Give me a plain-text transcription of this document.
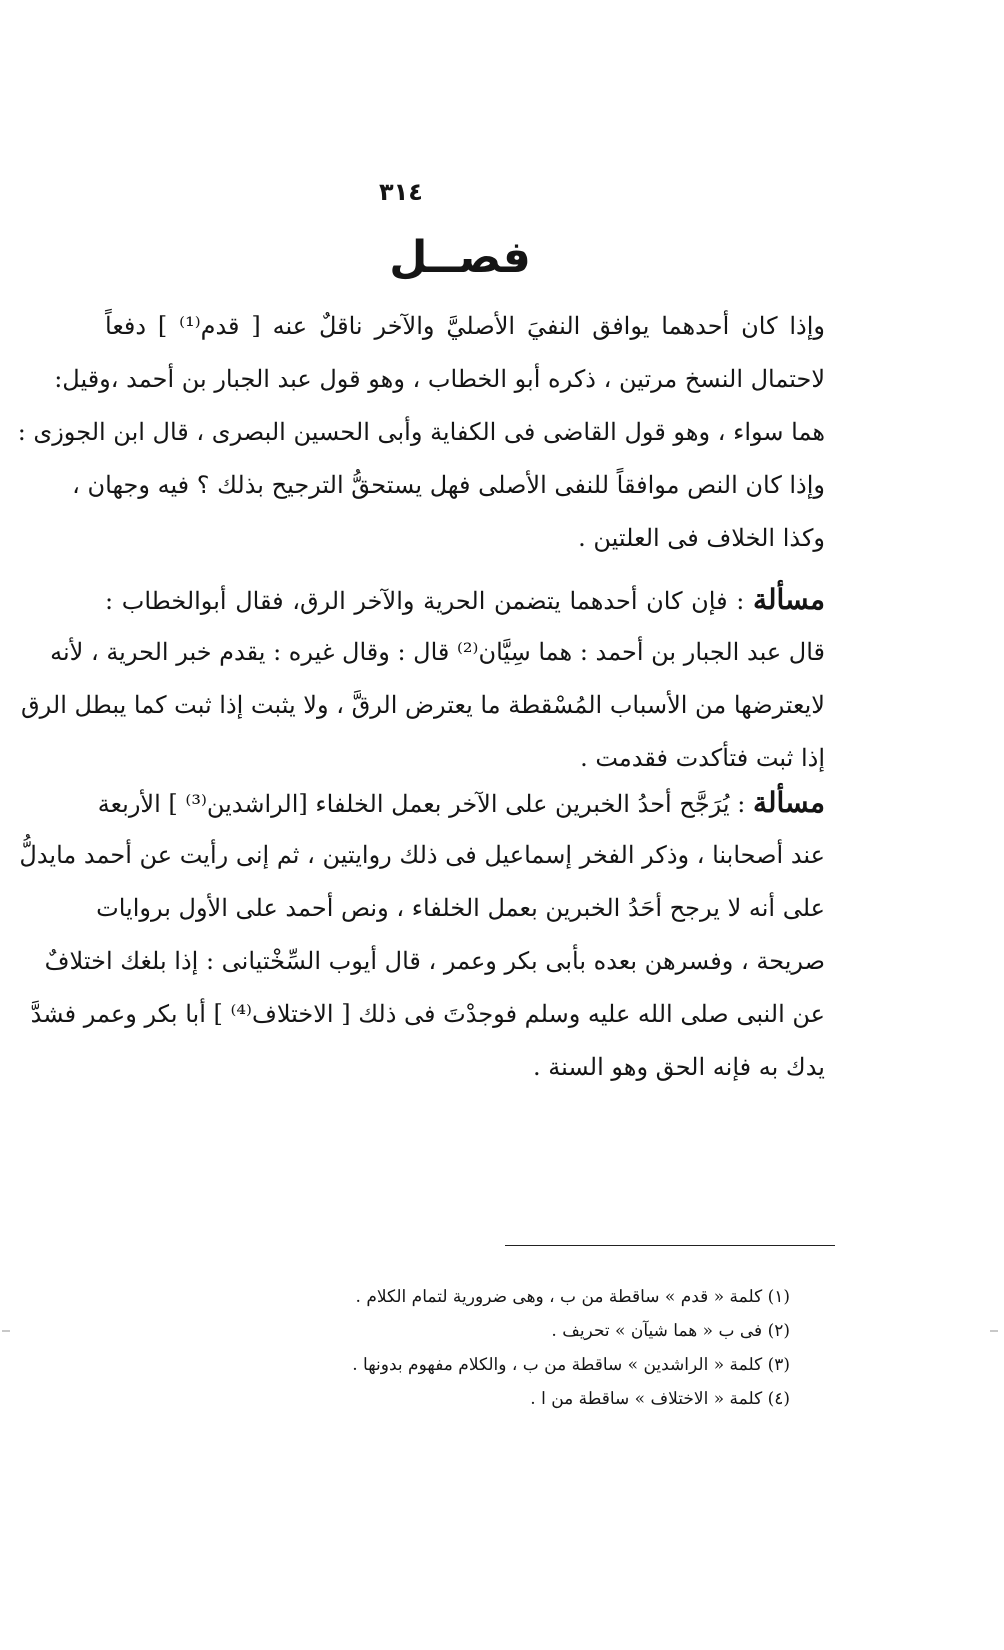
٣١٤
فصــل
وإذا كان أحدهما يوافق النفيَ الأصليَّ والآخر ناقلٌ عنه [ قدم⁽¹⁾ ] دفعاً
لاحتمال النسخ مرتين ، ذكره أبو الخطاب ، وهو قول عبد الجبار بن أحمد ،وقيل:
هما سواء ، وهو قول القاضى فى الكفاية وأبى الحسين البصرى ، قال ابن الجوزى :
وإذا كان النص موافقاً للنفى الأصلى فهل يستحقُّ الترجيح بذلك ؟ فيه وجهان ،
وكذا الخلاف فى العلتين .
مسألة : فإن كان أحدهما يتضمن الحرية والآخر الرق، فقال أبوالخطاب :
قال عبد الجبار بن أحمد : هما سِيَّان⁽²⁾ قال : وقال غيره : يقدم خبر الحرية ، لأنه
لايعترضها من الأسباب المُسْقطة ما يعترض الرقَّ ، ولا يثبت إذا ثبت كما يبطل الرق
إذا ثبت فتأكدت فقدمت .
مسألة : يُرَجَّح أحدُ الخبرين على الآخر بعمل الخلفاء [الراشدين⁽³⁾ ] الأربعة
عند أصحابنا ، وذكر الفخر إسماعيل فى ذلك روايتين ، ثم إنى رأيت عن أحمد مايدلُّ
على أنه لا يرجح أحَدُ الخبرين بعمل الخلفاء ، ونص أحمد على الأول بروايات
صريحة ، وفسرهن بعده بأبى بكر وعمر ، قال أيوب السِّخْتيانى : إذا بلغك اختلافٌ
عن النبى صلى الله عليه وسلم فوجدْتَ فى ذلك [ الاختلاف⁽⁴⁾ ] أبا بكر وعمر فشدَّ
يدك به فإنه الحق وهو السنة .
(١) كلمة « قدم » ساقطة من ب ، وهى ضرورية لتمام الكلام .
(٢) فى ب « هما شيآن » تحريف .
(٣) كلمة « الراشدين » ساقطة من ب ، والكلام مفهوم بدونها .
(٤) كلمة « الاختلاف » ساقطة من ا .
